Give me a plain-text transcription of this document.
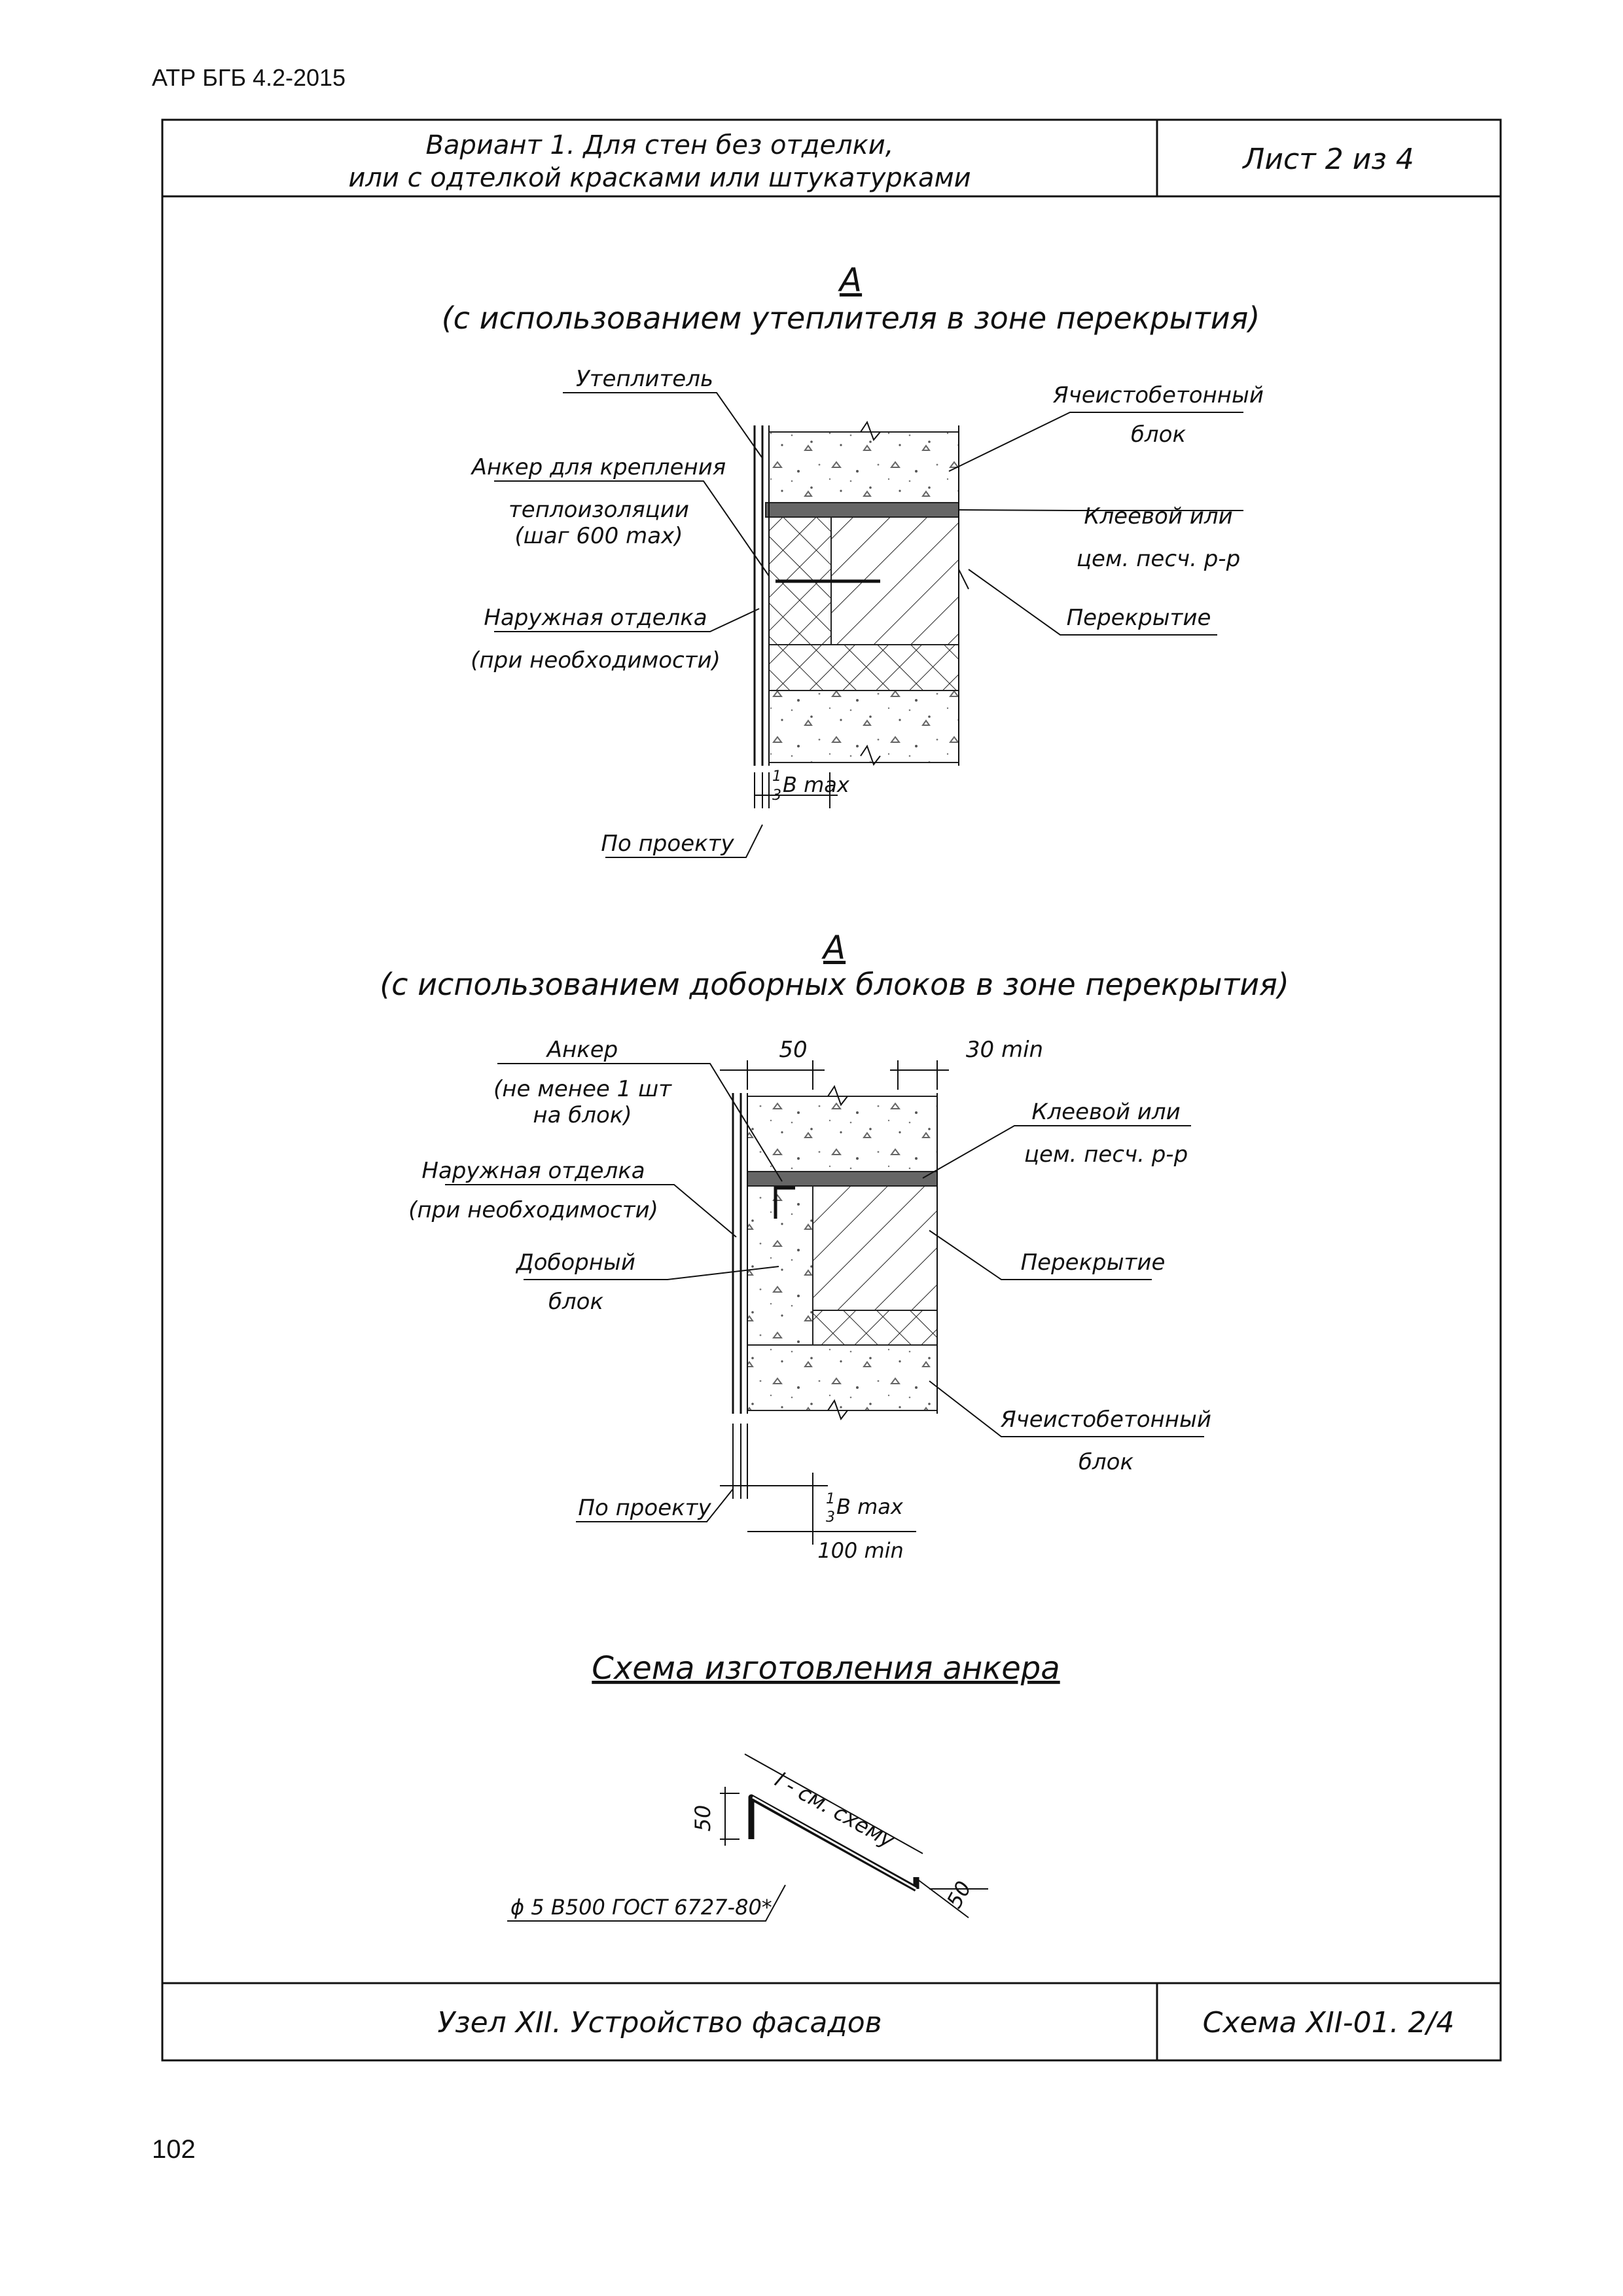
АТР БГБ 4.2-2015
Вариант 1. Для стен без отделки,
или с одтелкой красками или штукатурками
Лист 2 из 4
Узел XII. Устройство фасадов	Схема XII-01. 2/4
А
(с использованием утеплителя в зоне перекрытия)
Утеплитель
Анкер для крепления
теплоизоляции
(шаг 600 max)
Наружная отделка
(при необходимости)
Ячеистобетонный
блок
Клеевой или
цем. песч. р-р
Перекрытие
1
3 B max
По проекту
А
(с использованием доборных блоков в зоне перекрытия)
Анкер
(не менее 1 шт
на блок)
Наружная отделка
(при необходимости)
Доборный
блок
Клеевой или
цем. песч. р-р
Перекрытие
Ячеистобетонный
блок
50	30 min
1
3 B max
100 min
По проекту
Схема изготовления анкера
l - см. схему
50
50
ϕ 5 В500 ГОСТ 6727-80*
102
